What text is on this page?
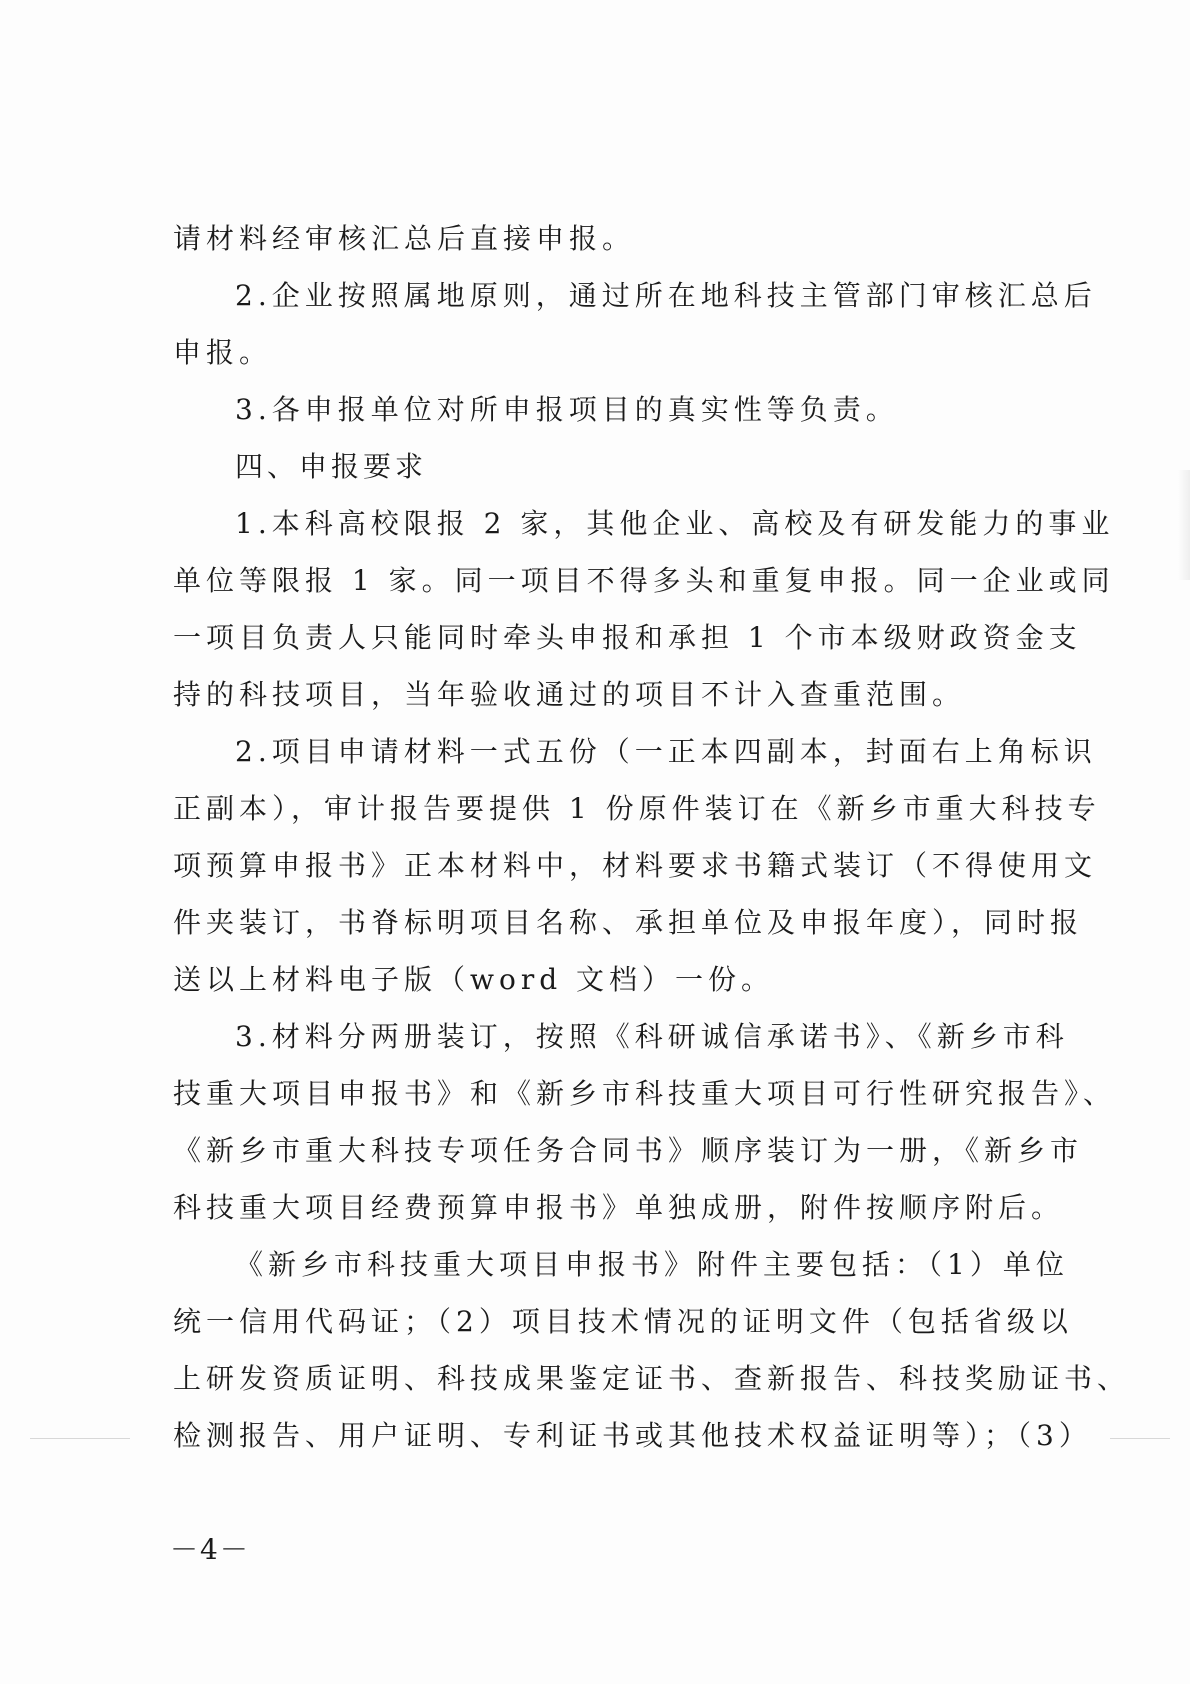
请材料经审核汇总后直接申报。
2.企业按照属地原则，通过所在地科技主管部门审核汇总后
申报。
3.各申报单位对所申报项目的真实性等负责。
四、申报要求
1.本科高校限报 2 家，其他企业、高校及有研发能力的事业
单位等限报 1 家。同一项目不得多头和重复申报。同一企业或同
一项目负责人只能同时牵头申报和承担 1 个市本级财政资金支
持的科技项目，当年验收通过的项目不计入查重范围。
2.项目申请材料一式五份（一正本四副本，封面右上角标识
正副本），审计报告要提供 1 份原件装订在《新乡市重大科技专
项预算申报书》正本材料中，材料要求书籍式装订（不得使用文
件夹装订，书脊标明项目名称、承担单位及申报年度），同时报
送以上材料电子版（word 文档）一份。
3.材料分两册装订，按照《科研诚信承诺书》、《新乡市科
技重大项目申报书》和《新乡市科技重大项目可行性研究报告》、
《新乡市重大科技专项任务合同书》顺序装订为一册，《新乡市
科技重大项目经费预算申报书》单独成册，附件按顺序附后。
《新乡市科技重大项目申报书》附件主要包括：（1）单位
统一信用代码证；（2）项目技术情况的证明文件（包括省级以
上研发资质证明、科技成果鉴定证书、查新报告、科技奖励证书、
检测报告、用户证明、专利证书或其他技术权益证明等）；（3）
－4－
